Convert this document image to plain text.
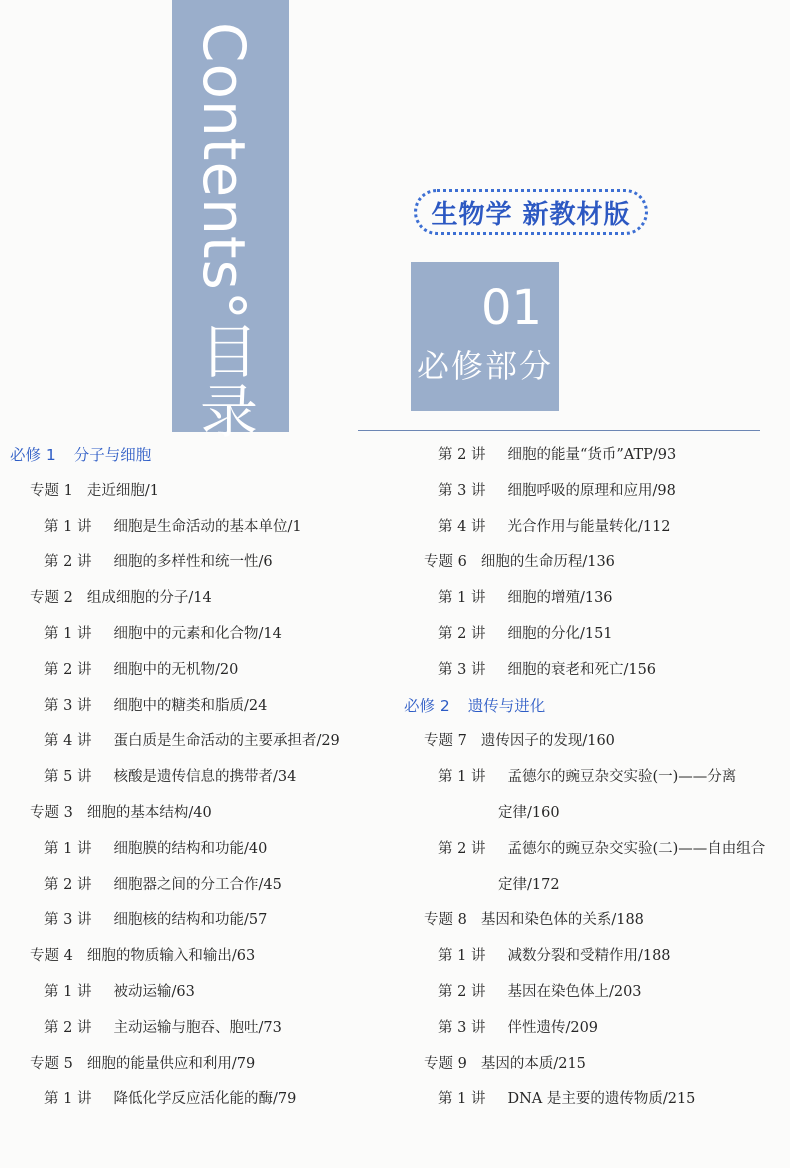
Contents°目录
生物学 新教材版
01
必修部分
必修 1 分子与细胞
专题 1 走近细胞/1
第 1 讲 细胞是生命活动的基本单位/1
第 2 讲 细胞的多样性和统一性/6
专题 2 组成细胞的分子/14
第 1 讲 细胞中的元素和化合物/14
第 2 讲 细胞中的无机物/20
第 3 讲 细胞中的糖类和脂质/24
第 4 讲 蛋白质是生命活动的主要承担者/29
第 5 讲 核酸是遗传信息的携带者/34
专题 3 细胞的基本结构/40
第 1 讲 细胞膜的结构和功能/40
第 2 讲 细胞器之间的分工合作/45
第 3 讲 细胞核的结构和功能/57
专题 4 细胞的物质输入和输出/63
第 1 讲 被动运输/63
第 2 讲 主动运输与胞吞、胞吐/73
专题 5 细胞的能量供应和利用/79
第 1 讲 降低化学反应活化能的酶/79
第 2 讲 细胞的能量“货币”ATP/93
第 3 讲 细胞呼吸的原理和应用/98
第 4 讲 光合作用与能量转化/112
专题 6 细胞的生命历程/136
第 1 讲 细胞的增殖/136
第 2 讲 细胞的分化/151
第 3 讲 细胞的衰老和死亡/156
必修 2 遗传与进化
专题 7 遗传因子的发现/160
第 1 讲 孟德尔的豌豆杂交实验(一)——分离
定律/160
第 2 讲 孟德尔的豌豆杂交实验(二)——自由组合
定律/172
专题 8 基因和染色体的关系/188
第 1 讲 减数分裂和受精作用/188
第 2 讲 基因在染色体上/203
第 3 讲 伴性遗传/209
专题 9 基因的本质/215
第 1 讲 DNA 是主要的遗传物质/215
